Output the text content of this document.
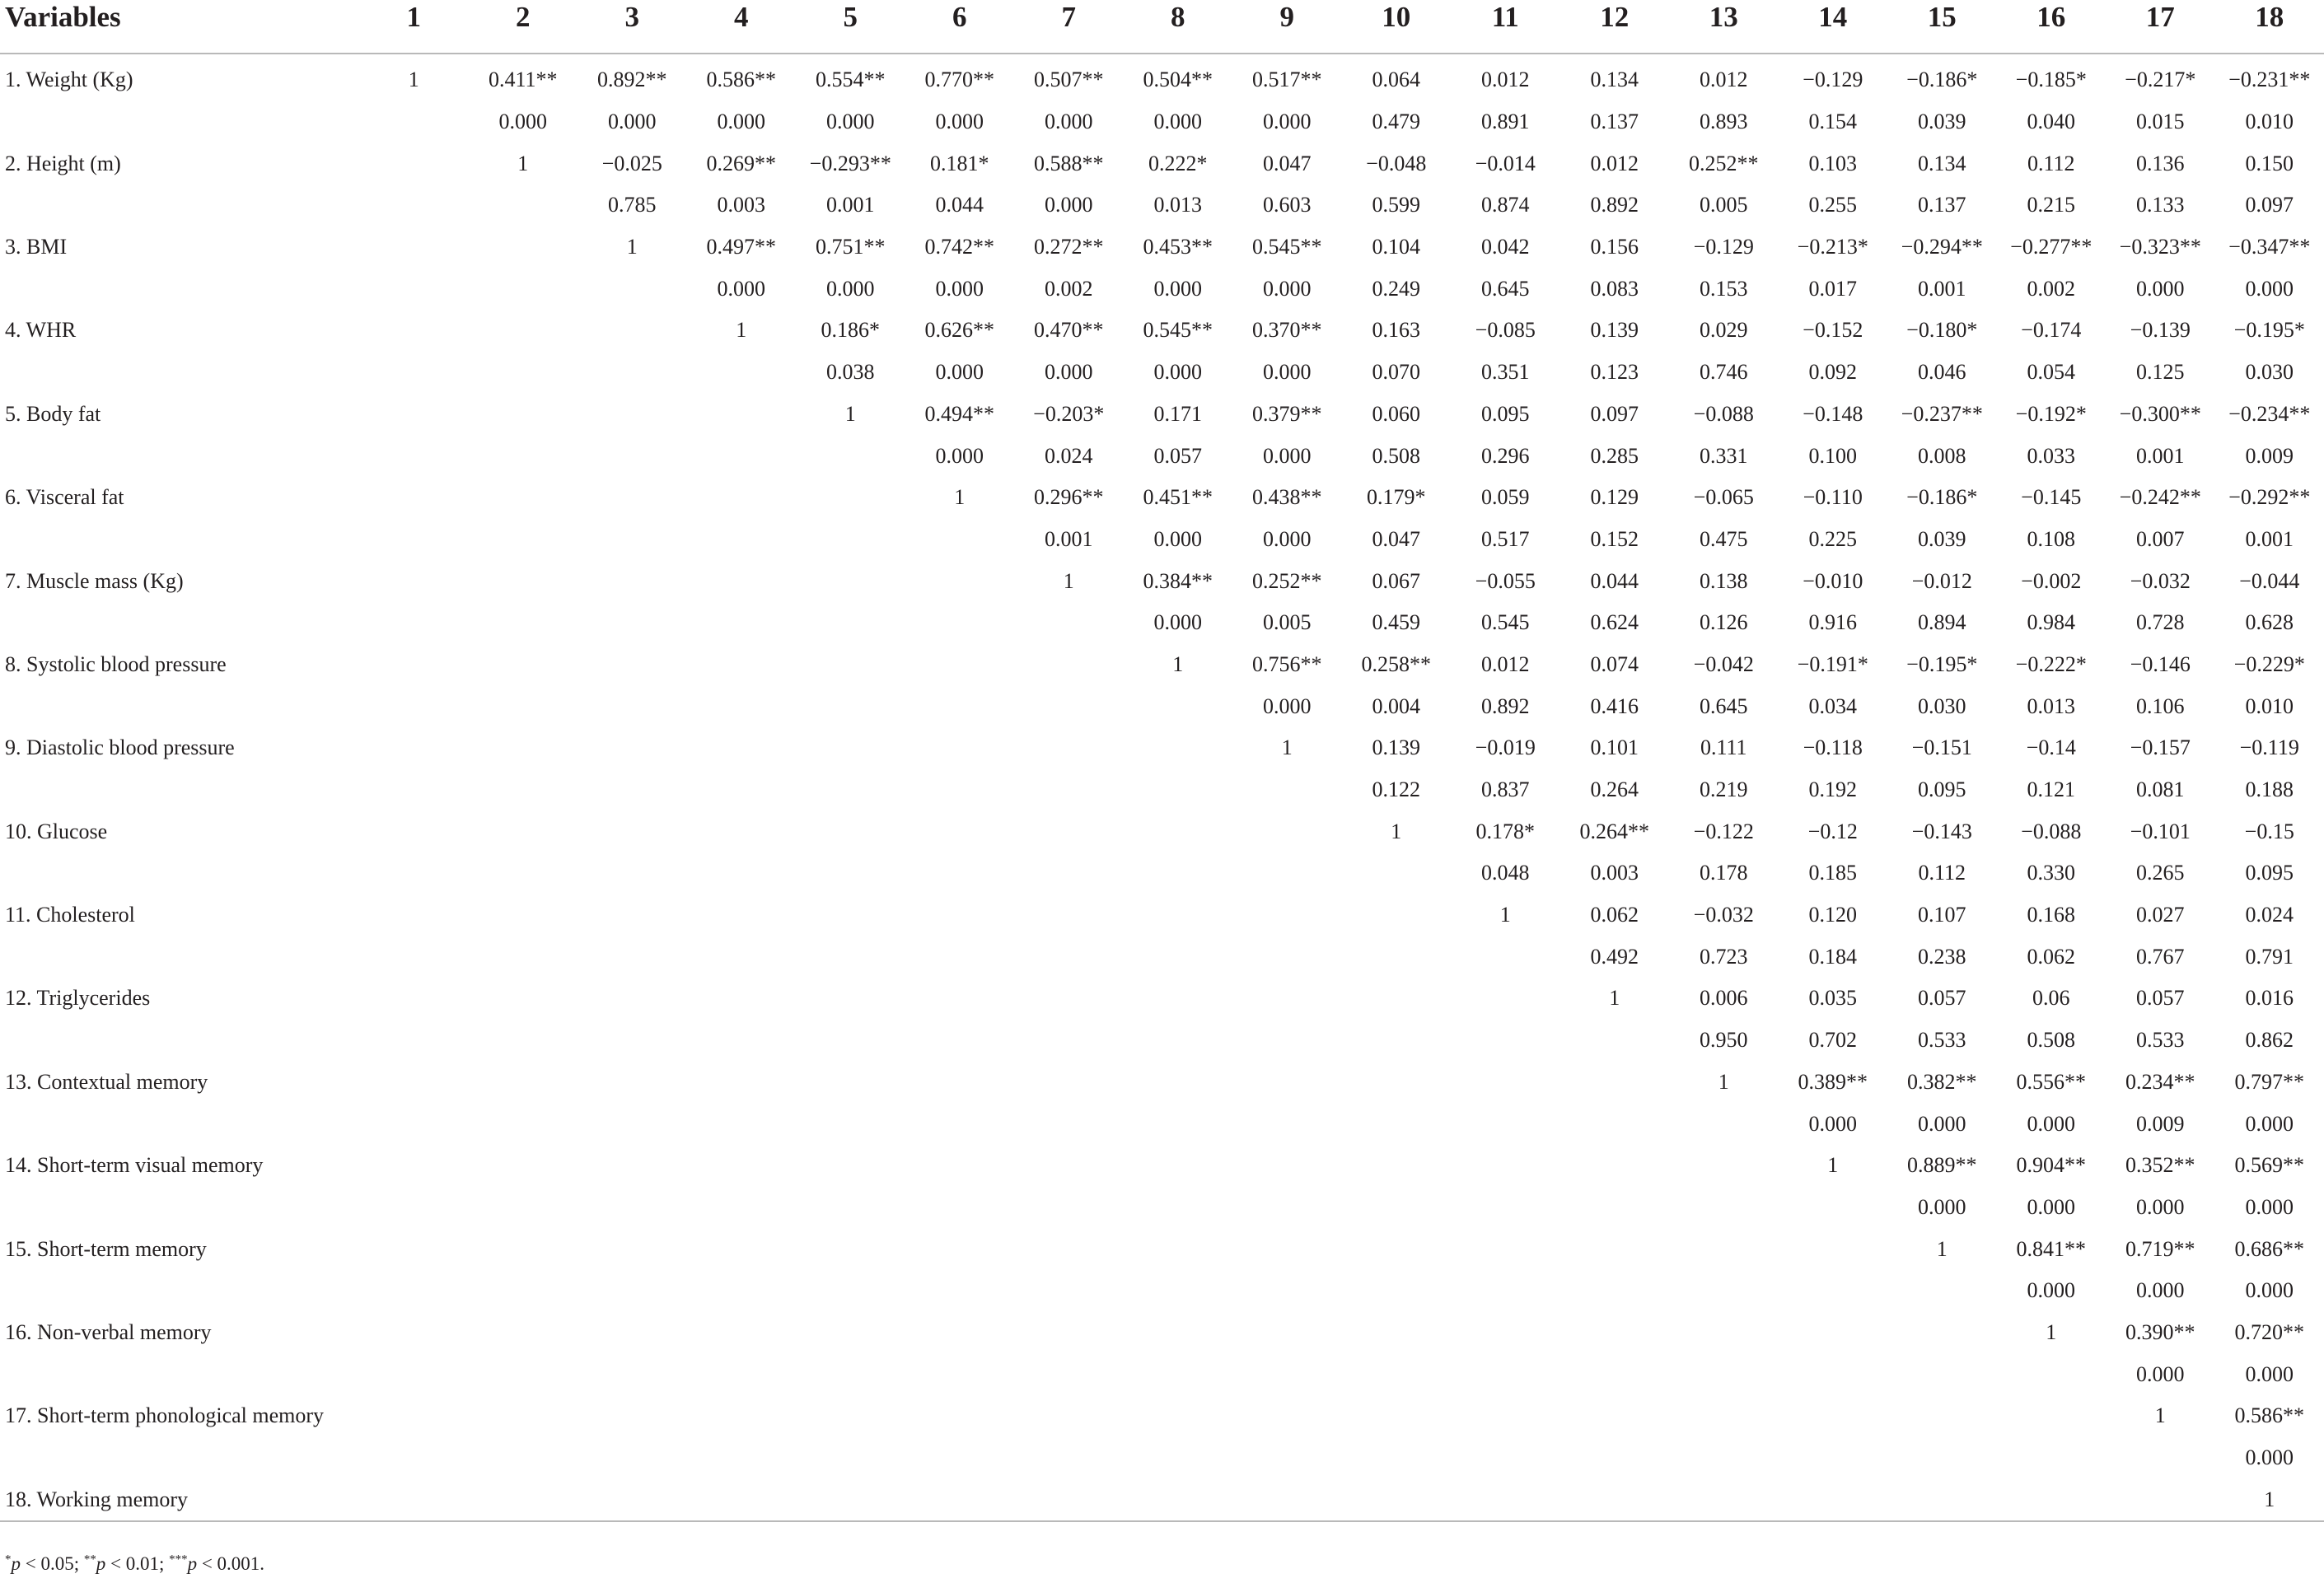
Variables	1	2	3	4	5	6	7	8	9	10	11	12	13	14	15	16	17	18
1. Weight (Kg)	1	0.411**	0.892**	0.586**	0.554**	0.770**	0.507**	0.504**	0.517**	0.064	0.012	0.134	0.012	−0.129	−0.186*	−0.185*	−0.217*	−0.231**
		0.000	0.000	0.000	0.000	0.000	0.000	0.000	0.000	0.479	0.891	0.137	0.893	0.154	0.039	0.040	0.015	0.010
2. Height (m)		1	−0.025	0.269**	−0.293**	0.181*	0.588**	0.222*	0.047	−0.048	−0.014	0.012	0.252**	0.103	0.134	0.112	0.136	0.150
			0.785	0.003	0.001	0.044	0.000	0.013	0.603	0.599	0.874	0.892	0.005	0.255	0.137	0.215	0.133	0.097
3. BMI			1	0.497**	0.751**	0.742**	0.272**	0.453**	0.545**	0.104	0.042	0.156	−0.129	−0.213*	−0.294**	−0.277**	−0.323**	−0.347**
				0.000	0.000	0.000	0.002	0.000	0.000	0.249	0.645	0.083	0.153	0.017	0.001	0.002	0.000	0.000
4. WHR				1	0.186*	0.626**	0.470**	0.545**	0.370**	0.163	−0.085	0.139	0.029	−0.152	−0.180*	−0.174	−0.139	−0.195*
					0.038	0.000	0.000	0.000	0.000	0.070	0.351	0.123	0.746	0.092	0.046	0.054	0.125	0.030
5. Body fat					1	0.494**	−0.203*	0.171	0.379**	0.060	0.095	0.097	−0.088	−0.148	−0.237**	−0.192*	−0.300**	−0.234**
						0.000	0.024	0.057	0.000	0.508	0.296	0.285	0.331	0.100	0.008	0.033	0.001	0.009
6. Visceral fat						1	0.296**	0.451**	0.438**	0.179*	0.059	0.129	−0.065	−0.110	−0.186*	−0.145	−0.242**	−0.292**
							0.001	0.000	0.000	0.047	0.517	0.152	0.475	0.225	0.039	0.108	0.007	0.001
7. Muscle mass (Kg)							1	0.384**	0.252**	0.067	−0.055	0.044	0.138	−0.010	−0.012	−0.002	−0.032	−0.044
								0.000	0.005	0.459	0.545	0.624	0.126	0.916	0.894	0.984	0.728	0.628
8. Systolic blood pressure								1	0.756**	0.258**	0.012	0.074	−0.042	−0.191*	−0.195*	−0.222*	−0.146	−0.229*
									0.000	0.004	0.892	0.416	0.645	0.034	0.030	0.013	0.106	0.010
9. Diastolic blood pressure									1	0.139	−0.019	0.101	0.111	−0.118	−0.151	−0.14	−0.157	−0.119
										0.122	0.837	0.264	0.219	0.192	0.095	0.121	0.081	0.188
10. Glucose										1	0.178*	0.264**	−0.122	−0.12	−0.143	−0.088	−0.101	−0.15
											0.048	0.003	0.178	0.185	0.112	0.330	0.265	0.095
11. Cholesterol											1	0.062	−0.032	0.120	0.107	0.168	0.027	0.024
												0.492	0.723	0.184	0.238	0.062	0.767	0.791
12. Triglycerides												1	0.006	0.035	0.057	0.06	0.057	0.016
													0.950	0.702	0.533	0.508	0.533	0.862
13. Contextual memory													1	0.389**	0.382**	0.556**	0.234**	0.797**
														0.000	0.000	0.000	0.009	0.000
14. Short-term visual memory														1	0.889**	0.904**	0.352**	0.569**
															0.000	0.000	0.000	0.000
15. Short-term memory															1	0.841**	0.719**	0.686**
																0.000	0.000	0.000
16. Non-verbal memory																1	0.390**	0.720**
																	0.000	0.000
17. Short-term phonological memory																	1	0.586**
																		0.000
18. Working memory																		1
*p < 0.05; **p < 0.01; ***p < 0.001.
